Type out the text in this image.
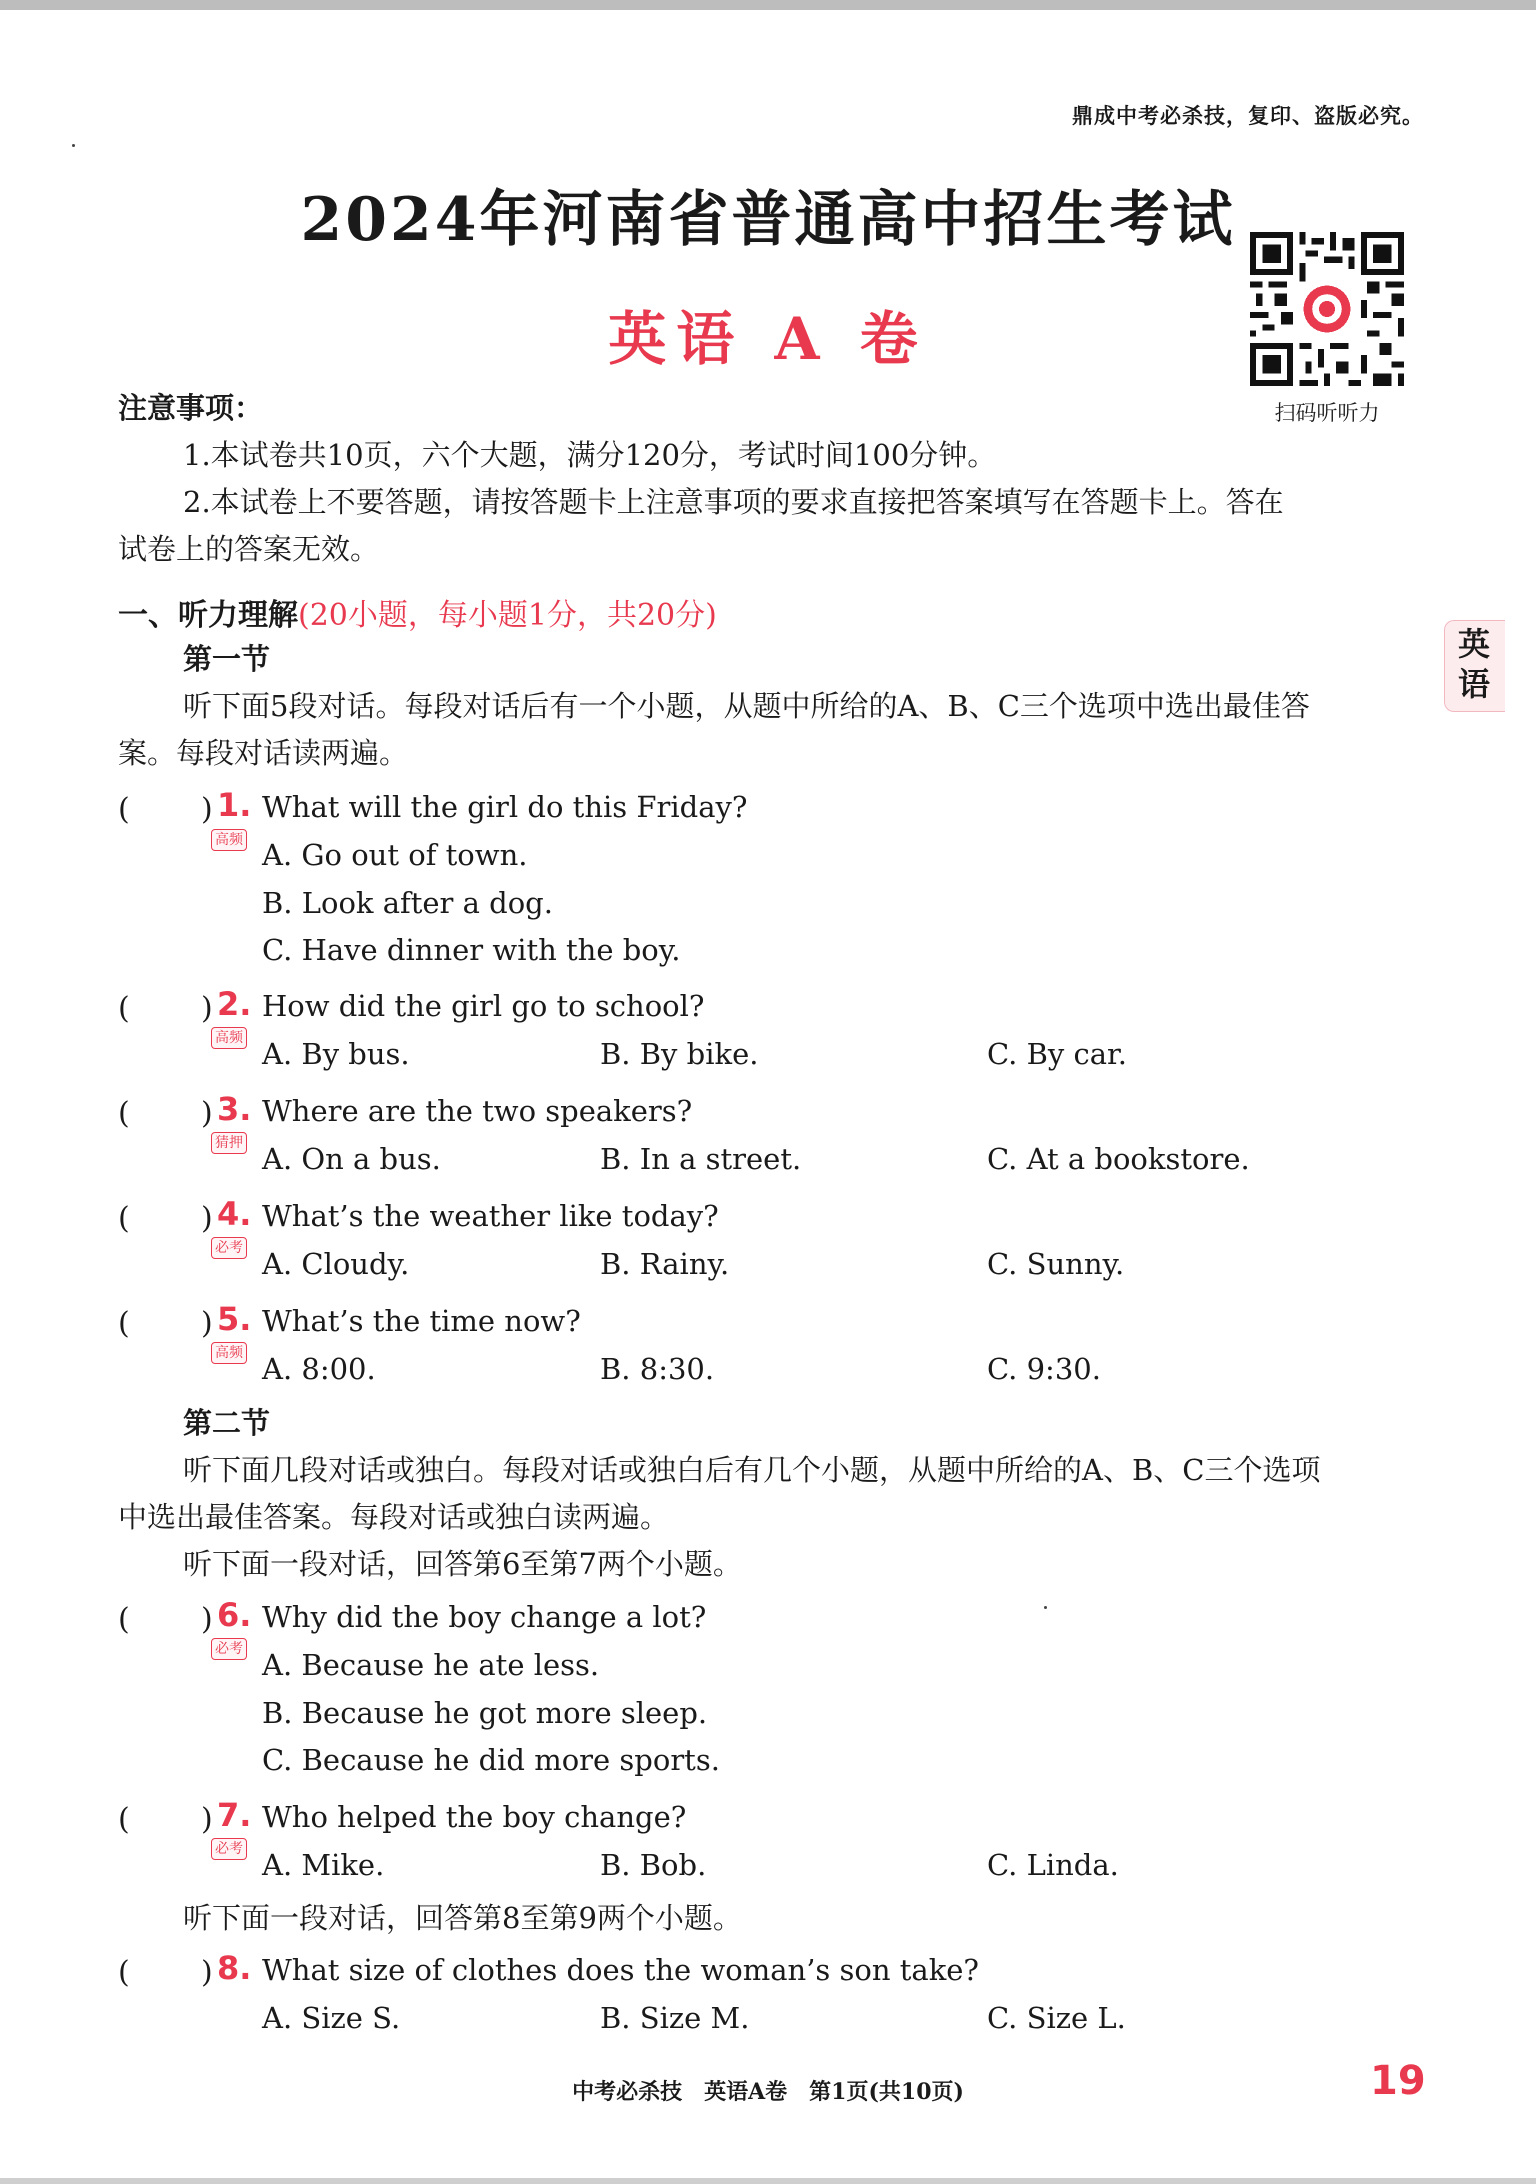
鼎成中考必杀技，复印、盗版必究。
2024年河南省普通高中招生考试
英语 A 卷
扫码听听力
英语
注意事项：
1.本试卷共10页，六个大题，满分120分，考试时间100分钟。
2.本试卷上不要答题，请按答题卡上注意事项的要求直接把答案填写在答题卡上。答在
试卷上的答案无效。
一、听力理解(20小题，每小题1分，共20分)
第一节
听下面5段对话。每段对话后有一个小题，从题中所给的A、B、C三个选项中选出最佳答
案。每段对话读两遍。
( ) 1. What will the girl do this Friday?
高频 A. Go out of town.
B. Look after a dog.
C. Have dinner with the boy.
( ) 2. How did the girl go to school?
高频 A. By bus.	B. By bike.	C. By car.
( ) 3. Where are the two speakers?
猜押 A. On a bus.	B. In a street.	C. At a bookstore.
( ) 4. What’s the weather like today?
必考 A. Cloudy.	B. Rainy.	C. Sunny.
( ) 5. What’s the time now?
高频 A. 8:00.	B. 8:30.	C. 9:30.
第二节
听下面几段对话或独白。每段对话或独白后有几个小题，从题中所给的A、B、C三个选项
中选出最佳答案。每段对话或独白读两遍。
听下面一段对话，回答第6至第7两个小题。
( ) 6. Why did the boy change a lot?
必考 A. Because he ate less.
B. Because he got more sleep.
C. Because he did more sports.
( ) 7. Who helped the boy change?
必考 A. Mike.	B. Bob.	C. Linda.
听下面一段对话，回答第8至第9两个小题。
( ) 8. What size of clothes does the woman’s son take?
A. Size S.	B. Size M.	C. Size L.
中考必杀技　英语A卷　第1页(共10页)	19
